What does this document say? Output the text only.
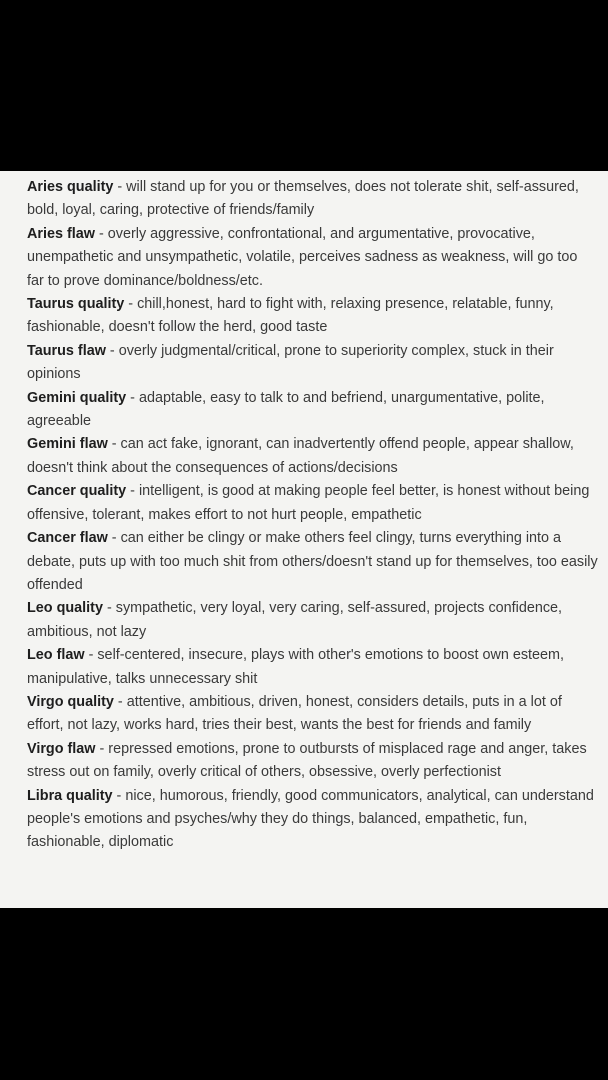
Aries quality - will stand up for you or themselves, does not tolerate shit, self-assured, bold, loyal, caring, protective of friends/family
Aries flaw - overly aggressive, confrontational, and argumentative, provocative, unempathetic and unsympathetic, volatile, perceives sadness as weakness, will go too far to prove dominance/boldness/etc.
Taurus quality - chill,honest, hard to fight with, relaxing presence, relatable, funny, fashionable, doesn't follow the herd, good taste
Taurus flaw - overly judgmental/critical, prone to superiority complex, stuck in their opinions
Gemini quality - adaptable, easy to talk to and befriend, unargumentative, polite, agreeable
Gemini flaw - can act fake, ignorant, can inadvertently offend people, appear shallow, doesn't think about the consequences of actions/decisions
Cancer quality - intelligent, is good at making people feel better, is honest without being offensive, tolerant, makes effort to not hurt people, empathetic
Cancer flaw - can either be clingy or make others feel clingy, turns everything into a debate, puts up with too much shit from others/doesn't stand up for themselves, too easily offended
Leo quality - sympathetic, very loyal, very caring, self-assured, projects confidence, ambitious, not lazy
Leo flaw - self-centered, insecure, plays with other's emotions to boost own esteem, manipulative, talks unnecessary shit
Virgo quality - attentive, ambitious, driven, honest, considers details, puts in a lot of effort, not lazy, works hard, tries their best, wants the best for friends and family
Virgo flaw - repressed emotions, prone to outbursts of misplaced rage and anger, takes stress out on family, overly critical of others, obsessive, overly perfectionist
Libra quality - nice, humorous, friendly, good communicators, analytical, can understand people's emotions and psyches/why they do things, balanced, empathetic, fun, fashionable, diplomatic
